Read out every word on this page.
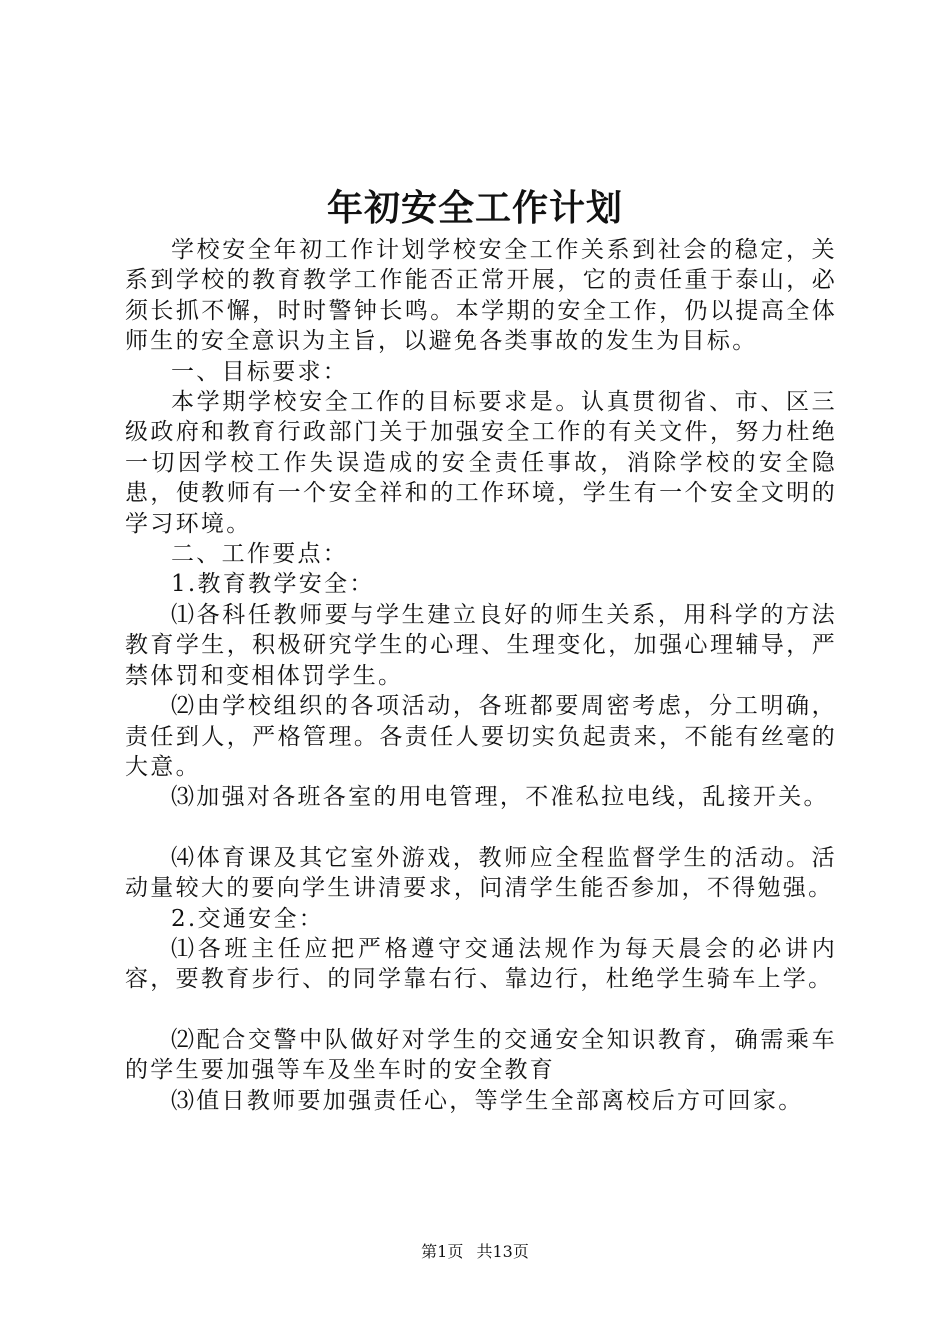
年初安全工作计划

学校安全年初工作计划学校安全工作关系到社会的稳定，关系到学校的教育教学工作能否正常开展，它的责任重于泰山，必须长抓不懈，时时警钟长鸣。本学期的安全工作，仍以提高全体师生的安全意识为主旨，以避免各类事故的发生为目标。

一、目标要求：

本学期学校安全工作的目标要求是。认真贯彻省、市、区三级政府和教育行政部门关于加强安全工作的有关文件，努力杜绝一切因学校工作失误造成的安全责任事故，消除学校的安全隐患，使教师有一个安全祥和的工作环境，学生有一个安全文明的学习环境。

二、工作要点：

1.教育教学安全：

⑴各科任教师要与学生建立良好的师生关系，用科学的方法教育学生，积极研究学生的心理、生理变化，加强心理辅导，严禁体罚和变相体罚学生。

⑵由学校组织的各项活动，各班都要周密考虑，分工明确，责任到人，严格管理。各责任人要切实负起责来，不能有丝毫的大意。

⑶加强对各班各室的用电管理，不准私拉电线，乱接开关。

⑷体育课及其它室外游戏，教师应全程监督学生的活动。活动量较大的要向学生讲清要求，问清学生能否参加，不得勉强。

2.交通安全：

⑴各班主任应把严格遵守交通法规作为每天晨会的必讲内容，要教育步行、的同学靠右行、靠边行，杜绝学生骑车上学。

⑵配合交警中队做好对学生的交通安全知识教育，确需乘车的学生要加强等车及坐车时的安全教育

⑶值日教师要加强责任心，等学生全部离校后方可回家。

第1页 共13页
